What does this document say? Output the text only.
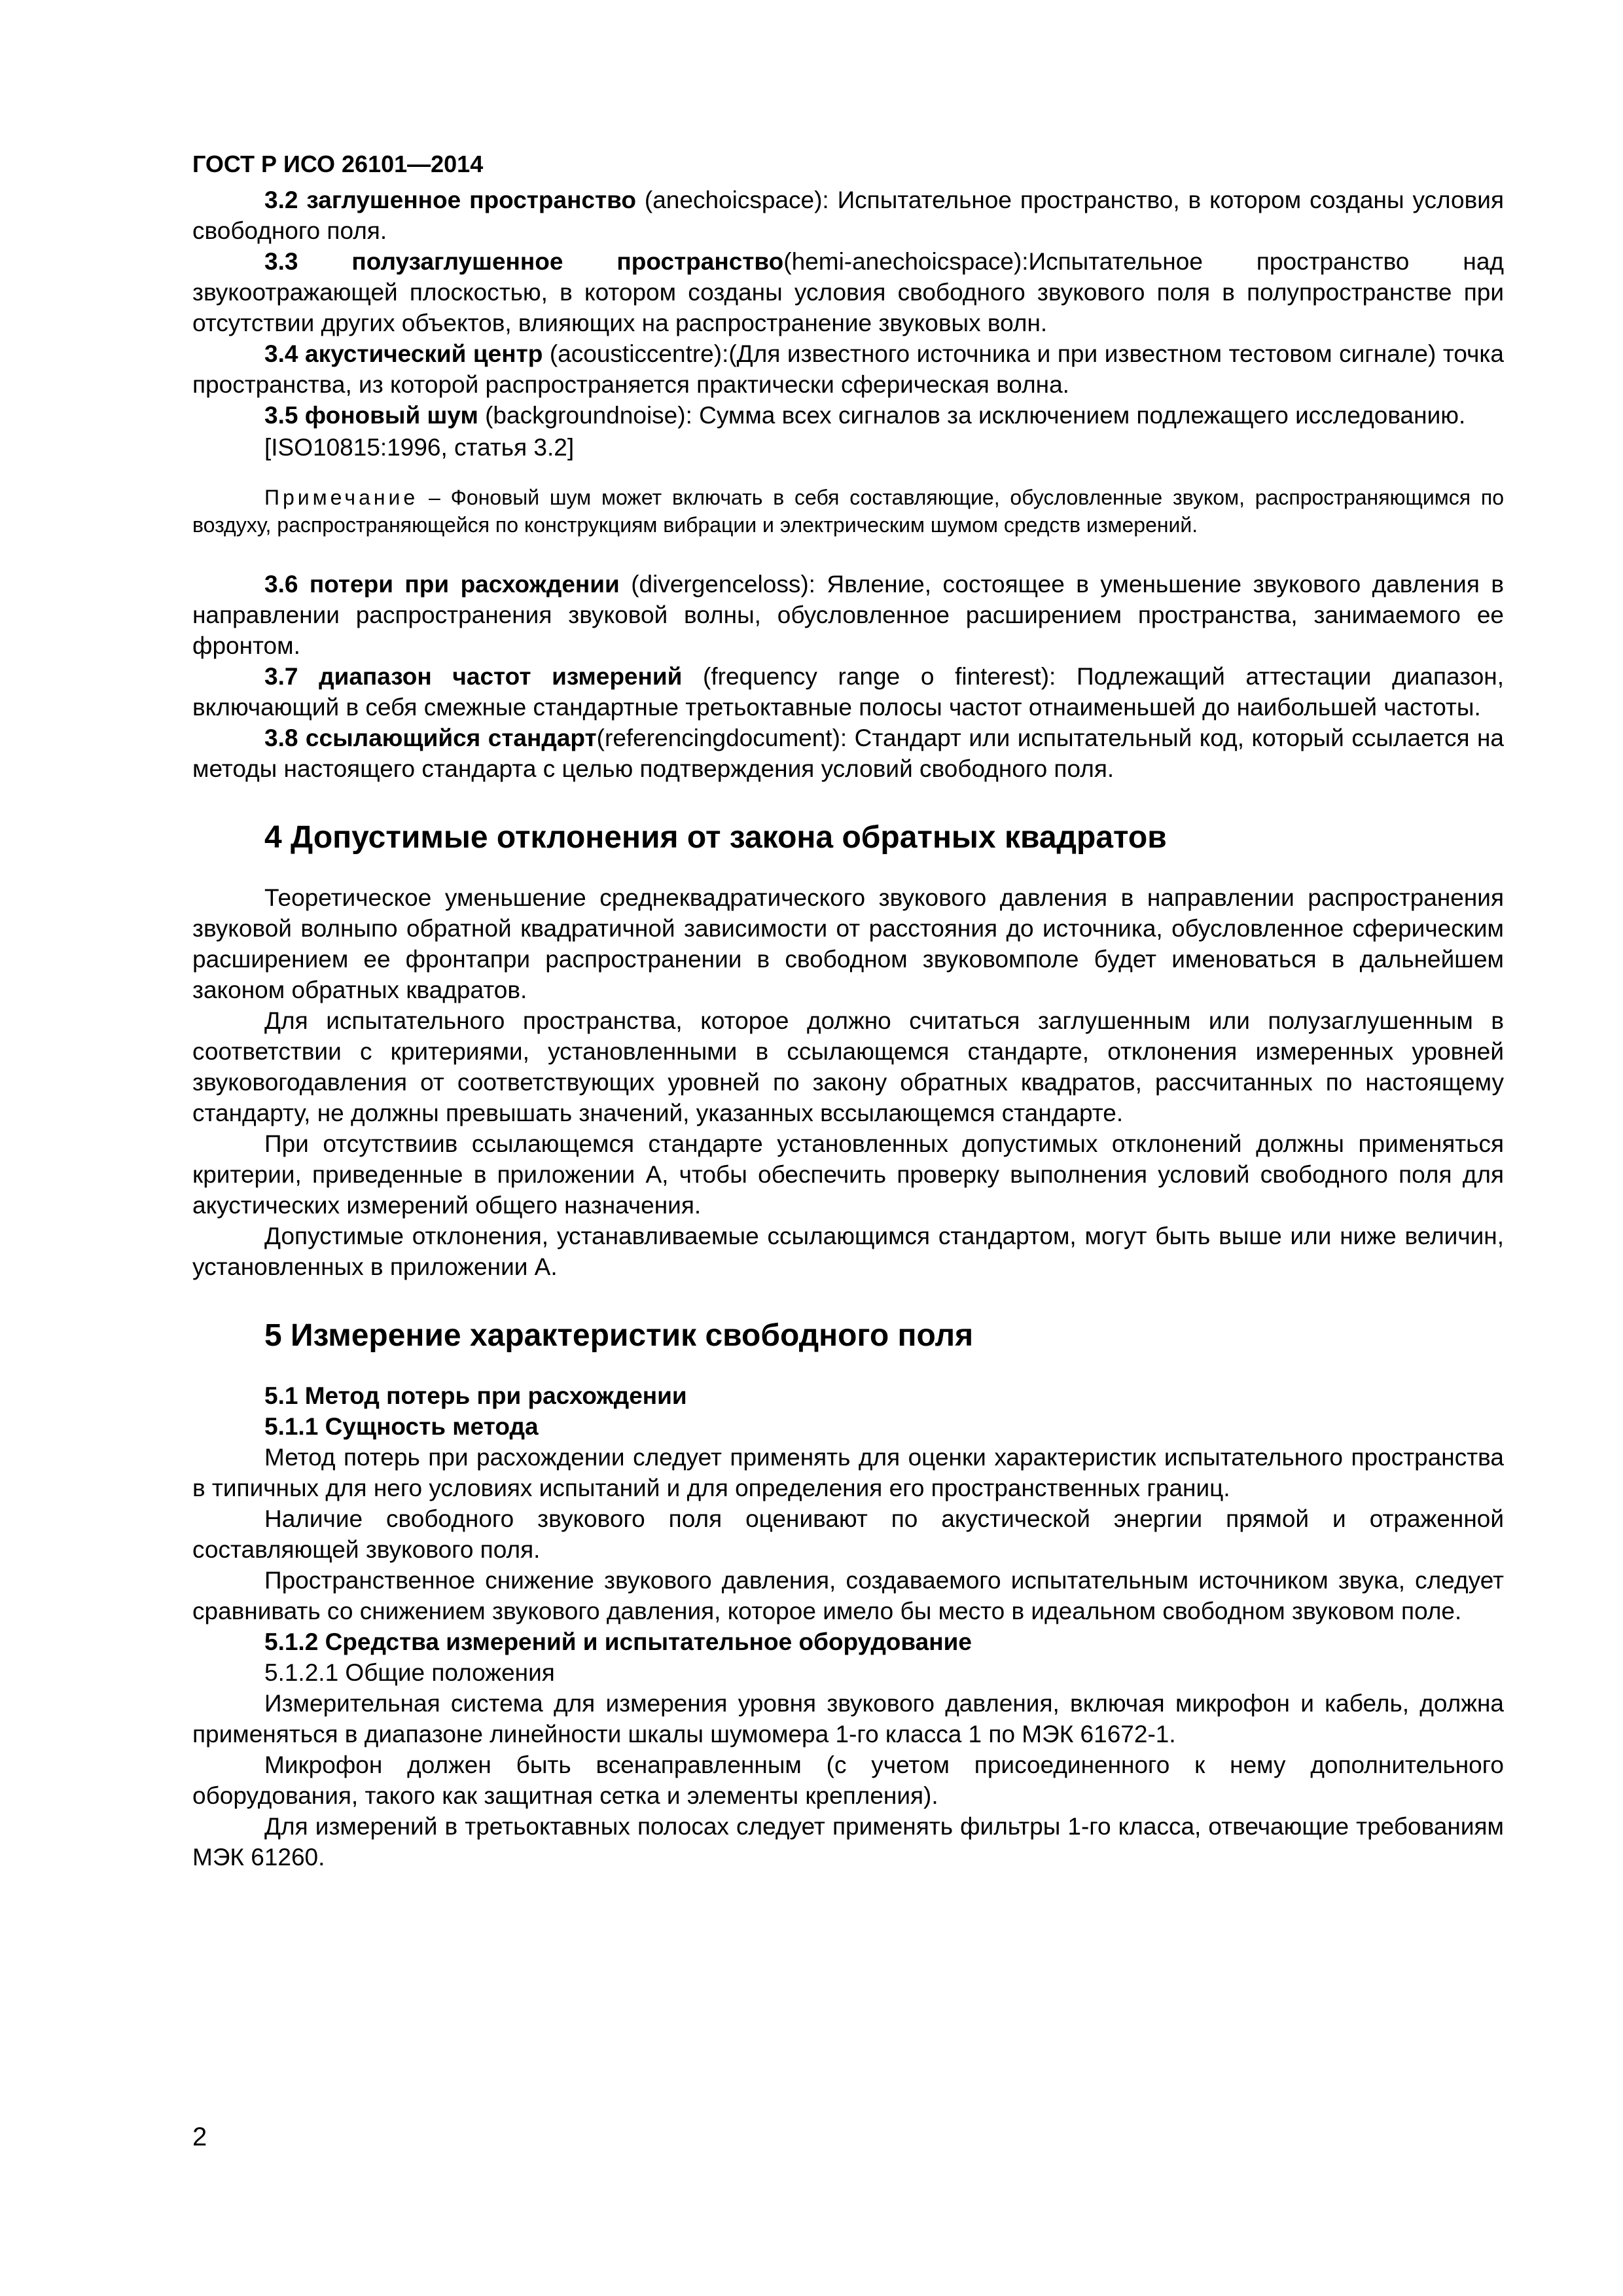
ГОСТ Р ИСО 26101—2014

3.2 заглушенное пространство (anechoicspace): Испытательное пространство, в котором созданы условия свободного поля.

3.3 полузаглушенное пространство(hemi-anechoicspace):Испытательное пространство над звукоотражающей плоскостью, в котором созданы условия свободного звукового поля в полупространстве при отсутствии других объектов, влияющих на распространение звуковых волн.

3.4 акустический центр (acousticcentre):(Для известного источника и при известном тестовом сигнале) точка пространства, из которой распространяется практически сферическая волна.

3.5 фоновый шум (backgroundnoise): Сумма всех сигналов за исключением подлежащего исследованию.

[ISO10815:1996, статья 3.2]

Примечание – Фоновый шум может включать в себя составляющие, обусловленные звуком, распространяющимся по воздуху, распространяющейся по конструкциям вибрации и электрическим шумом средств измерений.

3.6 потери при расхождении (divergenceloss): Явление, состоящее в уменьшение звукового давления в направлении распространения звуковой волны, обусловленное расширением пространства, занимаемого ее фронтом.

3.7 диапазон частот измерений (frequency range o finterest): Подлежащий аттестации диапазон, включающий в себя смежные стандартные третьоктавные полосы частот отнаименьшей до наибольшей частоты.

3.8 ссылающийся стандарт(referencingdocument): Стандарт или испытательный код, который ссылается на методы настоящего стандарта с целью подтверждения условий свободного поля.

4 Допустимые отклонения от закона обратных квадратов

Теоретическое уменьшение среднеквадратического звукового давления в направлении распространения звуковой волныпо обратной квадратичной зависимости от расстояния до источника, обусловленное сферическим расширением ее фронтапри распространении в свободном звуковомполе будет именоваться в дальнейшем законом обратных квадратов.

Для испытательного пространства, которое должно считаться заглушенным или полузаглушенным в соответствии с критериями, установленными в ссылающемся стандарте, отклонения измеренных уровней звуковогодавления от соответствующих уровней по закону обратных квадратов, рассчитанных по настоящему стандарту, не должны превышать значений, указанных вссылающемся стандарте.

При отсутствиив ссылающемся стандарте установленных допустимых отклонений должны применяться критерии, приведенные в приложении А, чтобы обеспечить проверку выполнения условий свободного поля для акустических измерений общего назначения.

Допустимые отклонения, устанавливаемые ссылающимся стандартом, могут быть выше или ниже величин, установленных в приложении А.

5 Измерение характеристик свободного поля

5.1 Метод потерь при расхождении

5.1.1 Сущность метода

Метод потерь при расхождении следует применять для оценки характеристик испытательного пространства в типичных для него условиях испытаний и для определения его пространственных границ.

Наличие свободного звукового поля оценивают по акустической энергии прямой и отраженной составляющей звукового поля.

Пространственное снижение звукового давления, создаваемого испытательным источником звука, следует сравнивать со снижением звукового давления, которое имело бы место в идеальном свободном звуковом поле.

5.1.2 Средства измерений и испытательное оборудование

5.1.2.1 Общие положения

Измерительная система для измерения уровня звукового давления, включая микрофон и кабель, должна применяться в диапазоне линейности шкалы шумомера 1-го класса 1 по МЭК 61672-1.

Микрофон должен быть всенаправленным (с учетом присоединенного к нему дополнительного оборудования, такого как защитная сетка и элементы крепления).

Для измерений в третьоктавных полосах следует применять фильтры 1-го класса, отвечающие требованиям МЭК 61260.

2
